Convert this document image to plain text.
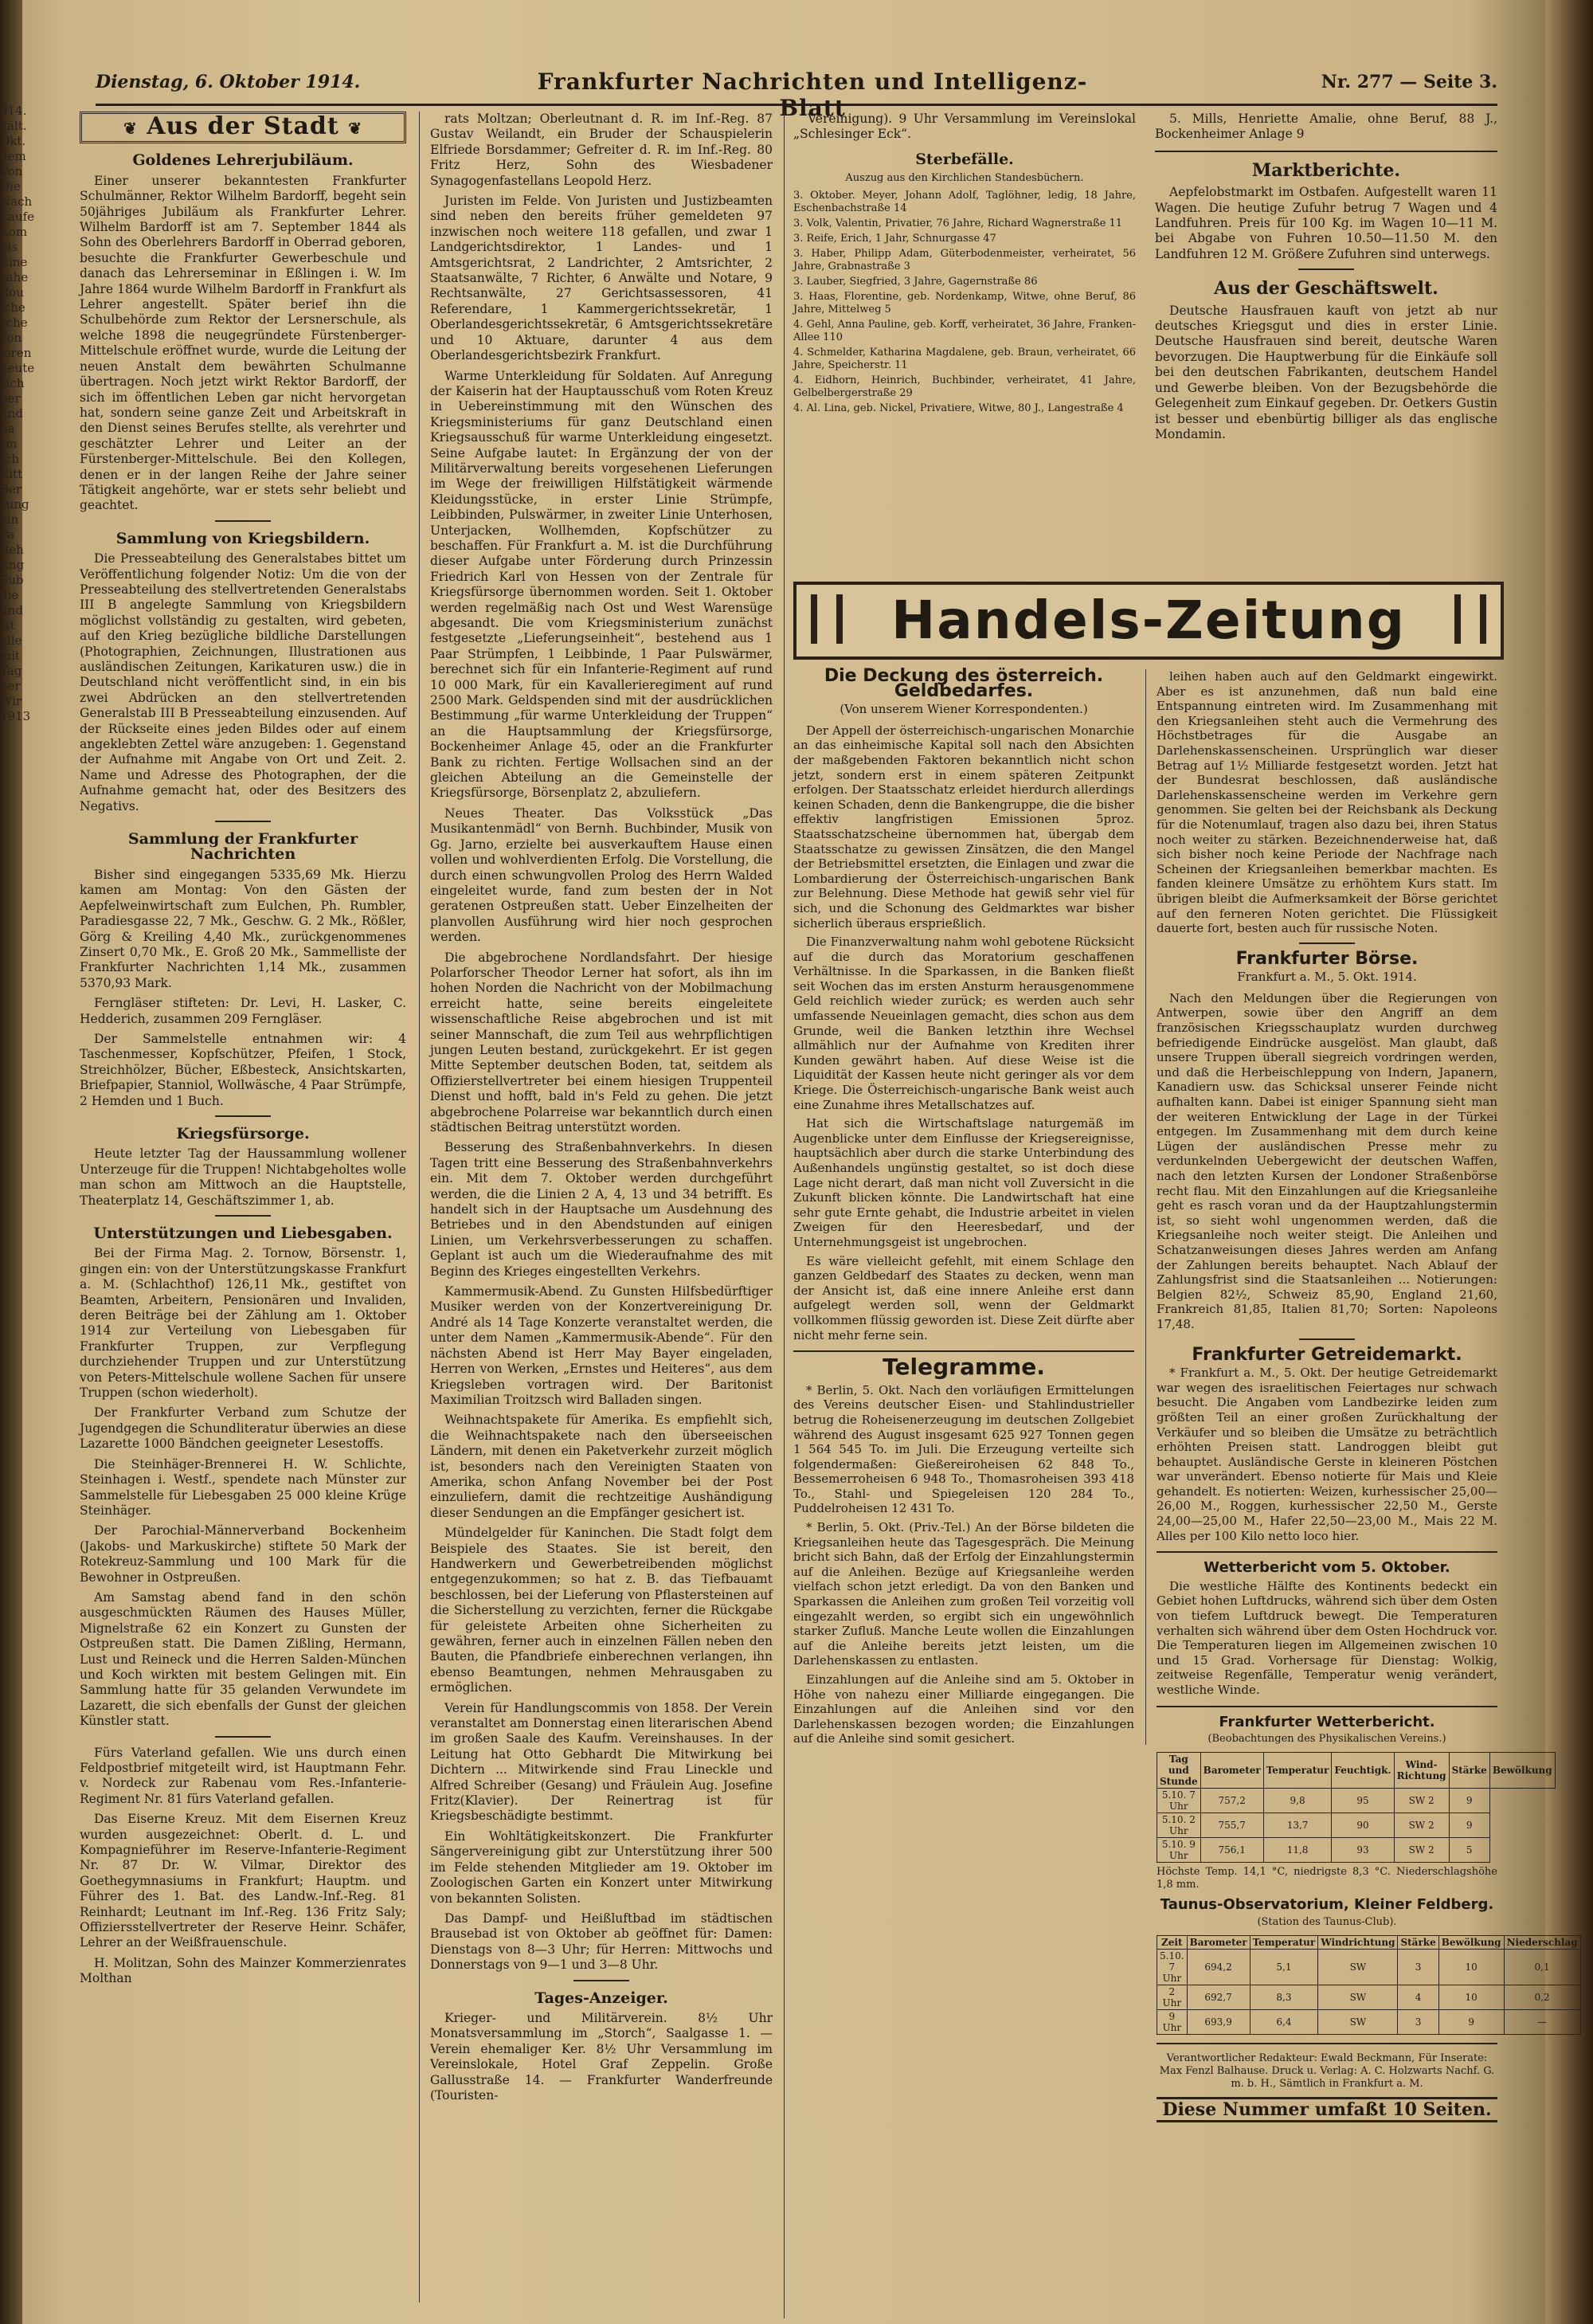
914.
kält.
Okt.
dem
Von
Die
Nach
Laufe
Kom
bis
Eine
sahe
Rou
iche
sche
von
ieren
heute
sich
ber
und
pa
rm
Ich
Ritt
Ber
sung
ein
Pa
Reh
Eng
Sub
die
und
ist
alle
mit
Tag
ber
Wir
1913
Dienstag, 6. Oktober 1914.	Frankfurter Nachrichten und Intelligenz-Blatt
Nr. 277 — Seite 3.
❦ Aus der Stadt ❦
Goldenes Lehrerjubiläum.

Einer unserer bekanntesten Frankfurter Schulmänner, Rektor Wilhelm Bardorff, begeht sein 50jähriges Jubiläum als Frankfurter Lehrer. Wilhelm Bardorff ist am 7. September 1844 als Sohn des Oberlehrers Bardorff in Oberrad geboren, besuchte die Frankfurter Gewerbeschule und danach das Lehrerseminar in Eßlingen i. W. Im Jahre 1864 wurde Wilhelm Bardorff in Frankfurt als Lehrer angestellt. Später berief ihn die Schulbehörde zum Rektor der Lersnerschule, als welche 1898 die neugegründete Fürstenberger-Mittelschule eröffnet wurde, wurde die Leitung der neuen Anstalt dem bewährten Schulmanne übertragen. Noch jetzt wirkt Rektor Bardorff, der sich im öffentlichen Leben gar nicht hervorgetan hat, sondern seine ganze Zeit und Arbeitskraft in den Dienst seines Berufes stellte, als verehrter und geschätzter Lehrer und Leiter an der Fürstenberger-Mittelschule. Bei den Kollegen, denen er in der langen Reihe der Jahre seiner Tätigkeit angehörte, war er stets sehr beliebt und geachtet.

Sammlung von Kriegsbildern.

Die Presseabteilung des Generalstabes bittet um Veröffentlichung folgender Notiz: Um die von der Presseabteilung des stellvertretenden Generalstabs III B angelegte Sammlung von Kriegsbildern möglichst vollständig zu gestalten, wird gebeten, auf den Krieg bezügliche bildliche Darstellungen (Photographien, Zeichnungen, Illustrationen aus ausländischen Zeitungen, Karikaturen usw.) die in Deutschland nicht veröffentlicht sind, in ein bis zwei Abdrücken an den stellvertretenden Generalstab III B Presseabteilung einzusenden. Auf der Rückseite eines jeden Bildes oder auf einem angeklebten Zettel wäre anzugeben: 1. Gegenstand der Aufnahme mit Angabe von Ort und Zeit. 2. Name und Adresse des Photographen, der die Aufnahme gemacht hat, oder des Besitzers des Negativs.

Sammlung der Frankfurter Nachrichten

Bisher sind eingegangen 5335,69 Mk. Hierzu kamen am Montag: Von den Gästen der Aepfelweinwirtschaft zum Eulchen, Ph. Rumbler, Paradiesgasse 22, 7 Mk., Geschw. G. 2 Mk., Rößler, Görg & Kreiling 4,40 Mk., zurückgenommenes Zinsert 0,70 Mk., E. Groß 20 Mk., Sammelliste der Frankfurter Nachrichten 1,14 Mk., zusammen 5370,93 Mark.

Ferngläser stifteten: Dr. Levi, H. Lasker, C. Hedderich, zusammen 209 Ferngläser.

Der Sammelstelle entnahmen wir: 4 Taschenmesser, Kopfschützer, Pfeifen, 1 Stock, Streichhölzer, Bücher, Eßbesteck, Ansichtskarten, Briefpapier, Stanniol, Wollwäsche, 4 Paar Strümpfe, 2 Hemden und 1 Buch.

Kriegsfürsorge.

Heute letzter Tag der Haussammlung wollener Unterzeuge für die Truppen! Nichtabgeholtes wolle man schon am Mittwoch an die Hauptstelle, Theaterplatz 14, Geschäftszimmer 1, ab.

Unterstützungen und Liebesgaben.

Bei der Firma Mag. 2. Tornow, Börsenstr. 1, gingen ein: von der Unterstützungskasse Frankfurt a. M. (Schlachthof) 126,11 Mk., gestiftet von Beamten, Arbeitern, Pensionären und Invaliden, deren Beiträge bei der Zählung am 1. Oktober 1914 zur Verteilung von Liebesgaben für Frankfurter Truppen, zur Verpflegung durchziehender Truppen und zur Unterstützung von Peters-Mittelschule wollene Sachen für unsere Truppen (schon wiederholt).

Der Frankfurter Verband zum Schutze der Jugendgegen die Schundliteratur überwies an diese Lazarette 1000 Bändchen geeigneter Lesestoffs.

Die Steinhäger-Brennerei H. W. Schlichte, Steinhagen i. Westf., spendete nach Münster zur Sammelstelle für Liebesgaben 25 000 kleine Krüge Steinhäger.

Der Parochial-Männerverband Bockenheim (Jakobs- und Markuskirche) stiftete 50 Mark der Rotekreuz-Sammlung und 100 Mark für die Bewohner in Ostpreußen.

Am Samstag abend fand in den schön ausgeschmückten Räumen des Hauses Müller, Mignelstraße 62 ein Konzert zu Gunsten der Ostpreußen statt. Die Damen Zißling, Hermann, Lust und Reineck und die Herren Salden-München und Koch wirkten mit bestem Gelingen mit. Ein Sammlung hatte für 35 gelanden Verwundete im Lazarett, die sich ebenfalls der Gunst der gleichen Künstler statt.

Fürs Vaterland gefallen. Wie uns durch einen Feldpostbrief mitgeteilt wird, ist Hauptmann Fehr. v. Nordeck zur Rabenau vom Res.-Infanterie-Regiment Nr. 81 fürs Vaterland gefallen.

Das Eiserne Kreuz. Mit dem Eisernen Kreuz wurden ausgezeichnet: Oberlt. d. L. und Kompagnieführer im Reserve-Infanterie-Regiment Nr. 87 Dr. W. Vilmar, Direktor des Goethegymnasiums in Frankfurt; Hauptm. und Führer des 1. Bat. des Landw.-Inf.-Reg. 81 Reinhardt; Leutnant im Inf.-Reg. 136 Fritz Saly; Offiziersstellvertreter der Reserve Heinr. Schäfer, Lehrer an der Weißfrauenschule.

H. Molitzan, Sohn des Mainzer Kommerzienrates Molthan

rats Moltzan; Oberleutnant d. R. im Inf.-Reg. 87 Gustav Weilandt, ein Bruder der Schauspielerin Elfriede Borsdammer; Gefreiter d. R. im Inf.-Reg. 80 Fritz Herz, Sohn des Wiesbadener Synagogenfastellans Leopold Herz.

Juristen im Felde. Von Juristen und Justizbeamten sind neben den bereits früher gemeldeten 97 inzwischen noch weitere 118 gefallen, und zwar 1 Landgerichtsdirektor, 1 Landes- und 1 Amtsgerichtsrat, 2 Landrichter, 2 Amtsrichter, 2 Staatsanwälte, 7 Richter, 6 Anwälte und Notare, 9 Rechtsanwälte, 27 Gerichtsassessoren, 41 Referendare, 1 Kammergerichtssekretär, 1 Oberlandesgerichtssekretär, 6 Amtsgerichtssekretäre und 10 Aktuare, darunter 4 aus dem Oberlandesgerichtsbezirk Frankfurt.

Warme Unterkleidung für Soldaten. Auf Anregung der Kaiserin hat der Hauptausschuß vom Roten Kreuz in Uebereinstimmung mit den Wünschen des Kriegsministeriums für ganz Deutschland einen Kriegsausschuß für warme Unterkleidung eingesetzt. Seine Aufgabe lautet: In Ergänzung der von der Militärverwaltung bereits vorgesehenen Lieferungen im Wege der freiwilligen Hilfstätigkeit wärmende Kleidungsstücke, in erster Linie Strümpfe, Leibbinden, Pulswärmer, in zweiter Linie Unterhosen, Unterjacken, Wollhemden, Kopfschützer zu beschaffen. Für Frankfurt a. M. ist die Durchführung dieser Aufgabe unter Förderung durch Prinzessin Friedrich Karl von Hessen von der Zentrale für Kriegsfürsorge übernommen worden. Seit 1. Oktober werden regelmäßig nach Ost und West Warensüge abgesandt. Die vom Kriegsministerium zunächst festgesetzte „Lieferungseinheit“, bestehend aus 1 Paar Strümpfen, 1 Leibbinde, 1 Paar Pulswärmer, berechnet sich für ein Infanterie-Regiment auf rund 10 000 Mark, für ein Kavallerieregiment auf rund 2500 Mark. Geldspenden sind mit der ausdrücklichen Bestimmung „für warme Unterkleidung der Truppen“ an die Hauptsammlung der Kriegsfürsorge, Bockenheimer Anlage 45, oder an die Frankfurter Bank zu richten. Fertige Wollsachen sind an der gleichen Abteilung an die Gemeinstelle der Kriegsfürsorge, Börsenplatz 2, abzuliefern.

Neues Theater. Das Volksstück „Das Musikantenmädl“ von Bernh. Buchbinder, Musik von Gg. Jarno, erzielte bei ausverkauftem Hause einen vollen und wohlverdienten Erfolg. Die Vorstellung, die durch einen schwungvollen Prolog des Herrn Walded eingeleitet wurde, fand zum besten der in Not geratenen Ostpreußen statt. Ueber Einzelheiten der planvollen Ausführung wird hier noch gesprochen werden.

Die abgebrochene Nordlandsfahrt. Der hiesige Polarforscher Theodor Lerner hat sofort, als ihn im hohen Norden die Nachricht von der Mobilmachung erreicht hatte, seine bereits eingeleitete wissenschaftliche Reise abgebrochen und ist mit seiner Mannschaft, die zum Teil aus wehrpflichtigen jungen Leuten bestand, zurückgekehrt. Er ist gegen Mitte September deutschen Boden, tat, seitdem als Offizierstellvertreter bei einem hiesigen Truppenteil Dienst und hofft, bald in's Feld zu gehen. Die jetzt abgebrochene Polarreise war bekanntlich durch einen städtischen Beitrag unterstützt worden.

Besserung des Straßenbahnverkehrs. In diesen Tagen tritt eine Besserung des Straßenbahnverkehrs ein. Mit dem 7. Oktober werden durchgeführt werden, die die Linien 2 A, 4, 13 und 34 betrifft. Es handelt sich in der Hauptsache um Ausdehnung des Betriebes und in den Abendstunden auf einigen Linien, um Verkehrsverbesserungen zu schaffen. Geplant ist auch um die Wiederaufnahme des mit Beginn des Krieges eingestellten Verkehrs.

Kammermusik-Abend. Zu Gunsten Hilfsbedürftiger Musiker werden von der Konzertvereinigung Dr. André als 14 Tage Konzerte veranstaltet werden, die unter dem Namen „Kammermusik-Abende“. Für den nächsten Abend ist Herr May Bayer eingeladen, Herren von Werken, „Ernstes und Heiteres“, aus dem Kriegsleben vortragen wird. Der Baritonist Maximilian Troitzsch wird Balladen singen.

Weihnachtspakete für Amerika. Es empfiehlt sich, die Weihnachtspakete nach den überseeischen Ländern, mit denen ein Paketverkehr zurzeit möglich ist, besonders nach den Vereinigten Staaten von Amerika, schon Anfang November bei der Post einzuliefern, damit die rechtzeitige Aushändigung dieser Sendungen an die Empfänger gesichert ist.

Mündelgelder für Kaninchen. Die Stadt folgt dem Beispiele des Staates. Sie ist bereit, den Handwerkern und Gewerbetreibenden möglichst entgegenzukommen; so hat z. B. das Tiefbauamt beschlossen, bei der Lieferung von Pflastersteinen auf die Sicherstellung zu verzichten, ferner die Rückgabe für geleistete Arbeiten ohne Sicherheiten zu gewähren, ferner auch in einzelnen Fällen neben den Bauten, die Pfandbriefe einberechnen verlangen, ihn ebenso Beamtungen, nehmen Mehrausgaben zu ermöglichen.

Verein für Handlungscommis von 1858. Der Verein veranstaltet am Donnerstag einen literarischen Abend im großen Saale des Kaufm. Vereinshauses. In der Leitung hat Otto Gebhardt Die Mitwirkung bei Dichtern ... Mitwirkende sind Frau Lineckle und Alfred Schreiber (Gesang) und Fräulein Aug. Josefine Fritz(Klavier). Der Reinertrag ist für Kriegsbeschädigte bestimmt.

Ein Wohltätigkeitskonzert. Die Frankfurter Sängervereinigung gibt zur Unterstützung ihrer 500 im Felde stehenden Mitglieder am 19. Oktober im Zoologischen Garten ein Konzert unter Mitwirkung von bekannten Solisten.

Das Dampf- und Heißluftbad im städtischen Brausebad ist von Oktober ab geöffnet für: Damen: Dienstags von 8—3 Uhr; für Herren: Mittwochs und Donnerstags von 9—1 und 3—8 Uhr.

Tages-Anzeiger.

Krieger- und Militärverein. 8½ Uhr Monatsversammlung im „Storch“, Saalgasse 1. — Verein ehemaliger Ker. 8½ Uhr Versammlung im Vereinslokale, Hotel Graf Zeppelin. Große Gallusstraße 14. — Frankfurter Wanderfreunde (Touristen-

Vereinigung). 9 Uhr Versammlung im Vereinslokal „Schlesinger Eck“.

Sterbefälle.
Auszug aus den Kirchlichen Standesbüchern.
3. Oktober. Meyer, Johann Adolf, Taglöhner, ledig, 18 Jahre, Eschenbachstraße 14
3. Volk, Valentin, Privatier, 76 Jahre, Richard Wagnerstraße 11
3. Reife, Erich, 1 Jahr, Schnurgasse 47
3. Haber, Philipp Adam, Güterbodenmeister, verheiratet, 56 Jahre, Grabnastraße 3
3. Lauber, Siegfried, 3 Jahre, Gagernstraße 86
3. Haas, Florentine, geb. Nordenkamp, Witwe, ohne Beruf, 86 Jahre, Mittelweg 5
4. Gehl, Anna Pauline, geb. Korff, verheiratet, 36 Jahre, Franken-Allee 110
4. Schmelder, Katharina Magdalene, geb. Braun, verheiratet, 66 Jahre, Speicherstr. 11
4. Eidhorn, Heinrich, Buchbinder, verheiratet, 41 Jahre, Gelbelbergerstraße 29
4. Al. Lina, geb. Nickel, Privatiere, Witwe, 80 J., Langestraße 4

5. Mills, Henriette Amalie, ohne Beruf, 88 J., Bockenheimer Anlage 9

Marktberichte.

Aepfelobstmarkt im Ostbafen. Aufgestellt waren 11 Wagen. Die heutige Zufuhr betrug 7 Wagen und 4 Landfuhren. Preis für 100 Kg. im Wagen 10—11 M. bei Abgabe von Fuhren 10.50—11.50 M. den Landfuhren 12 M. Größere Zufuhren sind unterwegs.

Aus der Geschäftswelt.

Deutsche Hausfrauen kauft von jetzt ab nur deutsches Kriegsgut und dies in erster Linie. Deutsche Hausfrauen sind bereit, deutsche Waren bevorzugen. Die Hauptwerbung für die Einkäufe soll bei den deutschen Fabrikanten, deutschem Handel und Gewerbe bleiben. Von der Bezugsbehörde die Gelegenheit zum Einkauf gegeben. Dr. Oetkers Gustin ist besser und ebenbürtig billiger als das englische Mondamin.

Handels-Zeitung
Die Deckung des österreich. Geldbedarfes.
(Von unserem Wiener Korrespondenten.)

Der Appell der österreichisch-ungarischen Monarchie an das einheimische Kapital soll nach den Absichten der maßgebenden Faktoren bekanntlich nicht schon jetzt, sondern erst in einem späteren Zeitpunkt erfolgen. Der Staatsschatz erleidet hierdurch allerdings keinen Schaden, denn die Bankengruppe, die die bisher effektiv langfristigen Emissionen 5proz. Staatsschatzscheine übernommen hat, übergab dem Staatsschatze zu gewissen Zinsätzen, die den Mangel der Betriebsmittel ersetzten, die Einlagen und zwar die Lombardierung der Österreichisch-ungarischen Bank zur Belehnung. Diese Methode hat gewiß sehr viel für sich, und die Schonung des Geldmarktes war bisher sicherlich überaus ersprießlich.

Die Finanzverwaltung nahm wohl gebotene Rücksicht auf die durch das Moratorium geschaffenen Verhältnisse. In die Sparkassen, in die Banken fließt seit Wochen das im ersten Ansturm herausgenommene Geld reichlich wieder zurück; es werden auch sehr umfassende Neueinlagen gemacht, dies schon aus dem Grunde, weil die Banken letzthin ihre Wechsel allmählich nur der Aufnahme von Krediten ihrer Kunden gewährt haben. Auf diese Weise ist die Liquidität der Kassen heute nicht geringer als vor dem Kriege. Die Österreichisch-ungarische Bank weist auch eine Zunahme ihres Metallschatzes auf.

Hat sich die Wirtschaftslage naturgemäß im Augenblicke unter dem Einflusse der Kriegsereignisse, hauptsächlich aber durch die starke Unterbindung des Außenhandels ungünstig gestaltet, so ist doch diese Lage nicht derart, daß man nicht voll Zuversicht in die Zukunft blicken könnte. Die Landwirtschaft hat eine sehr gute Ernte gehabt, die Industrie arbeitet in vielen Zweigen für den Heeresbedarf, und der Unternehmungsgeist ist ungebrochen.

Es wäre vielleicht gefehlt, mit einem Schlage den ganzen Geldbedarf des Staates zu decken, wenn man der Ansicht ist, daß eine innere Anleihe erst dann aufgelegt werden soll, wenn der Geldmarkt vollkommen flüssig geworden ist. Diese Zeit dürfte aber nicht mehr ferne sein.

Telegramme.

* Berlin, 5. Okt. Nach den vorläufigen Ermittelungen des Vereins deutscher Eisen- und Stahlindustrieller betrug die Roheisenerzeugung im deutschen Zollgebiet während des August insgesamt 625 927 Tonnen gegen 1 564 545 To. im Juli. Die Erzeugung verteilte sich folgendermaßen: Gießereiroheisen 62 848 To., Bessemerroheisen 6 948 To., Thomasroheisen 393 418 To., Stahl- und Spiegeleisen 120 284 To., Puddelroheisen 12 431 To.

* Berlin, 5. Okt. (Priv.-Tel.) An der Börse bildeten die Kriegsanleihen heute das Tagesgespräch. Die Meinung bricht sich Bahn, daß der Erfolg der Einzahlungstermin auf die Anleihen. Bezüge auf Kriegsanleihe werden vielfach schon jetzt erledigt. Da von den Banken und Sparkassen die Anleihen zum großen Teil vorzeitig voll eingezahlt werden, so ergibt sich ein ungewöhnlich starker Zufluß. Manche Leute wollen die Einzahlungen auf die Anleihe bereits jetzt leisten, um die Darlehenskassen zu entlasten.

Einzahlungen auf die Anleihe sind am 5. Oktober in Höhe von nahezu einer Milliarde eingegangen. Die Einzahlungen auf die Anleihen sind vor den Darlehenskassen bezogen worden; die Einzahlungen auf die Anleihe sind somit gesichert.

leihen haben auch auf den Geldmarkt eingewirkt. Aber es ist anzunehmen, daß nun bald eine Entspannung eintreten wird. Im Zusammenhang mit den Kriegsanleihen steht auch die Vermehrung des Höchstbetrages für die Ausgabe an Darlehenskassenscheinen. Ursprünglich war dieser Betrag auf 1½ Milliarde festgesetzt worden. Jetzt hat der Bundesrat beschlossen, daß ausländische Darlehenskassenscheine werden im Verkehre gern genommen. Sie gelten bei der Reichsbank als Deckung für die Notenumlauf, tragen also dazu bei, ihren Status noch weiter zu stärken. Bezeichnenderweise hat, daß sich bisher noch keine Periode der Nachfrage nach Scheinen der Kriegsanleihen bemerkbar machten. Es fanden kleinere Umsätze zu erhöhtem Kurs statt. Im übrigen bleibt die Aufmerksamkeit der Börse gerichtet auf den ferneren Noten gerichtet. Die Flüssigkeit dauerte fort, besten auch für russische Noten.

Frankfurter Börse.
Frankfurt a. M., 5. Okt. 1914.

Nach den Meldungen über die Regierungen von Antwerpen, sowie über den Angriff an dem französischen Kriegsschauplatz wurden durchweg befriedigende Eindrücke ausgelöst. Man glaubt, daß unsere Truppen überall siegreich vordringen werden, und daß die Herbeischleppung von Indern, Japanern, Kanadiern usw. das Schicksal unserer Feinde nicht aufhalten kann. Dabei ist einiger Spannung sieht man der weiteren Entwicklung der Lage in der Türkei entgegen. Im Zusammenhang mit dem durch keine Lügen der ausländischen Presse mehr zu verdunkelnden Uebergewicht der deutschen Waffen, nach den letzten Kursen der Londoner Straßenbörse recht flau. Mit den Einzahlungen auf die Kriegsanleihe geht es rasch voran und da der Hauptzahlungstermin ist, so sieht wohl ungenommen werden, daß die Kriegsanleihe noch weiter steigt. Die Anleihen und Schatzanweisungen dieses Jahres werden am Anfang der Zahlungen bereits behauptet. Nach Ablauf der Zahlungsfrist sind die Staatsanleihen ... Notierungen: Belgien 82½, Schweiz 85,90, England 21,60, Frankreich 81,85, Italien 81,70; Sorten: Napoleons 17,48.

Frankfurter Getreidemarkt.

* Frankfurt a. M., 5. Okt. Der heutige Getreidemarkt war wegen des israelitischen Feiertages nur schwach besucht. Die Angaben vom Landbezirke leiden zum größten Teil an einer großen Zurückhaltung der Verkäufer und so bleiben die Umsätze zu beträchtlich erhöhten Preisen statt. Landroggen bleibt gut behauptet. Ausländische Gerste in kleineren Pöstchen war unverändert. Ebenso notierte für Mais und Kleie gehandelt. Es notierten: Weizen, kurhessischer 25,00—26,00 M., Roggen, kurhessischer 22,50 M., Gerste 24,00—25,00 M., Hafer 22,50—23,00 M., Mais 22 M. Alles per 100 Kilo netto loco hier.

Wetterbericht vom 5. Oktober.

Die westliche Hälfte des Kontinents bedeckt ein Gebiet hohen Luftdrucks, während sich über dem Osten von tiefem Luftdruck bewegt. Die Temperaturen verhalten sich während über dem Osten Hochdruck vor. Die Temperaturen liegen im Allgemeinen zwischen 10 und 15 Grad. Vorhersage für Dienstag: Wolkig, zeitweise Regenfälle, Temperatur wenig verändert, westliche Winde.

Frankfurter Wetterbericht.
(Beobachtungen des Physikalischen Vereins.)
Tag und Stunde	Barometer	Temperatur	Feuchtigk.	Wind-Richtung	Stärke	Bewölkung
5.10. 7 Uhr	757,2	9,8	95	SW 2	9	
5.10. 2 Uhr	755,7	13,7	90	SW 2	9	
5.10. 9 Uhr	756,1	11,8	93	SW 2	5	
Höchste Temp. 14,1 °C, niedrigste 8,3 °C. Niederschlagshöhe 1,8 mm.
Taunus-Observatorium, Kleiner Feldberg.
(Station des Taunus-Club).
Zeit	Barometer	Temperatur	Windrichtung	Stärke	Bewölkung	Niederschlag
5.10. 7 Uhr	694,2	5,1	SW	3	10	0,1
2 Uhr	692,7	8,3	SW	4	10	0,2
9 Uhr	693,9	6,4	SW	3	9	—
Verantwortlicher Redakteur: Ewald Beckmann, Für Inserate: Max Fenzl Balhause. Druck u. Verlag: A. C. Holzwarts Nachf. G. m. b. H., Sämtlich in Frankfurt a. M.
Diese Nummer umfaßt 10 Seiten.
